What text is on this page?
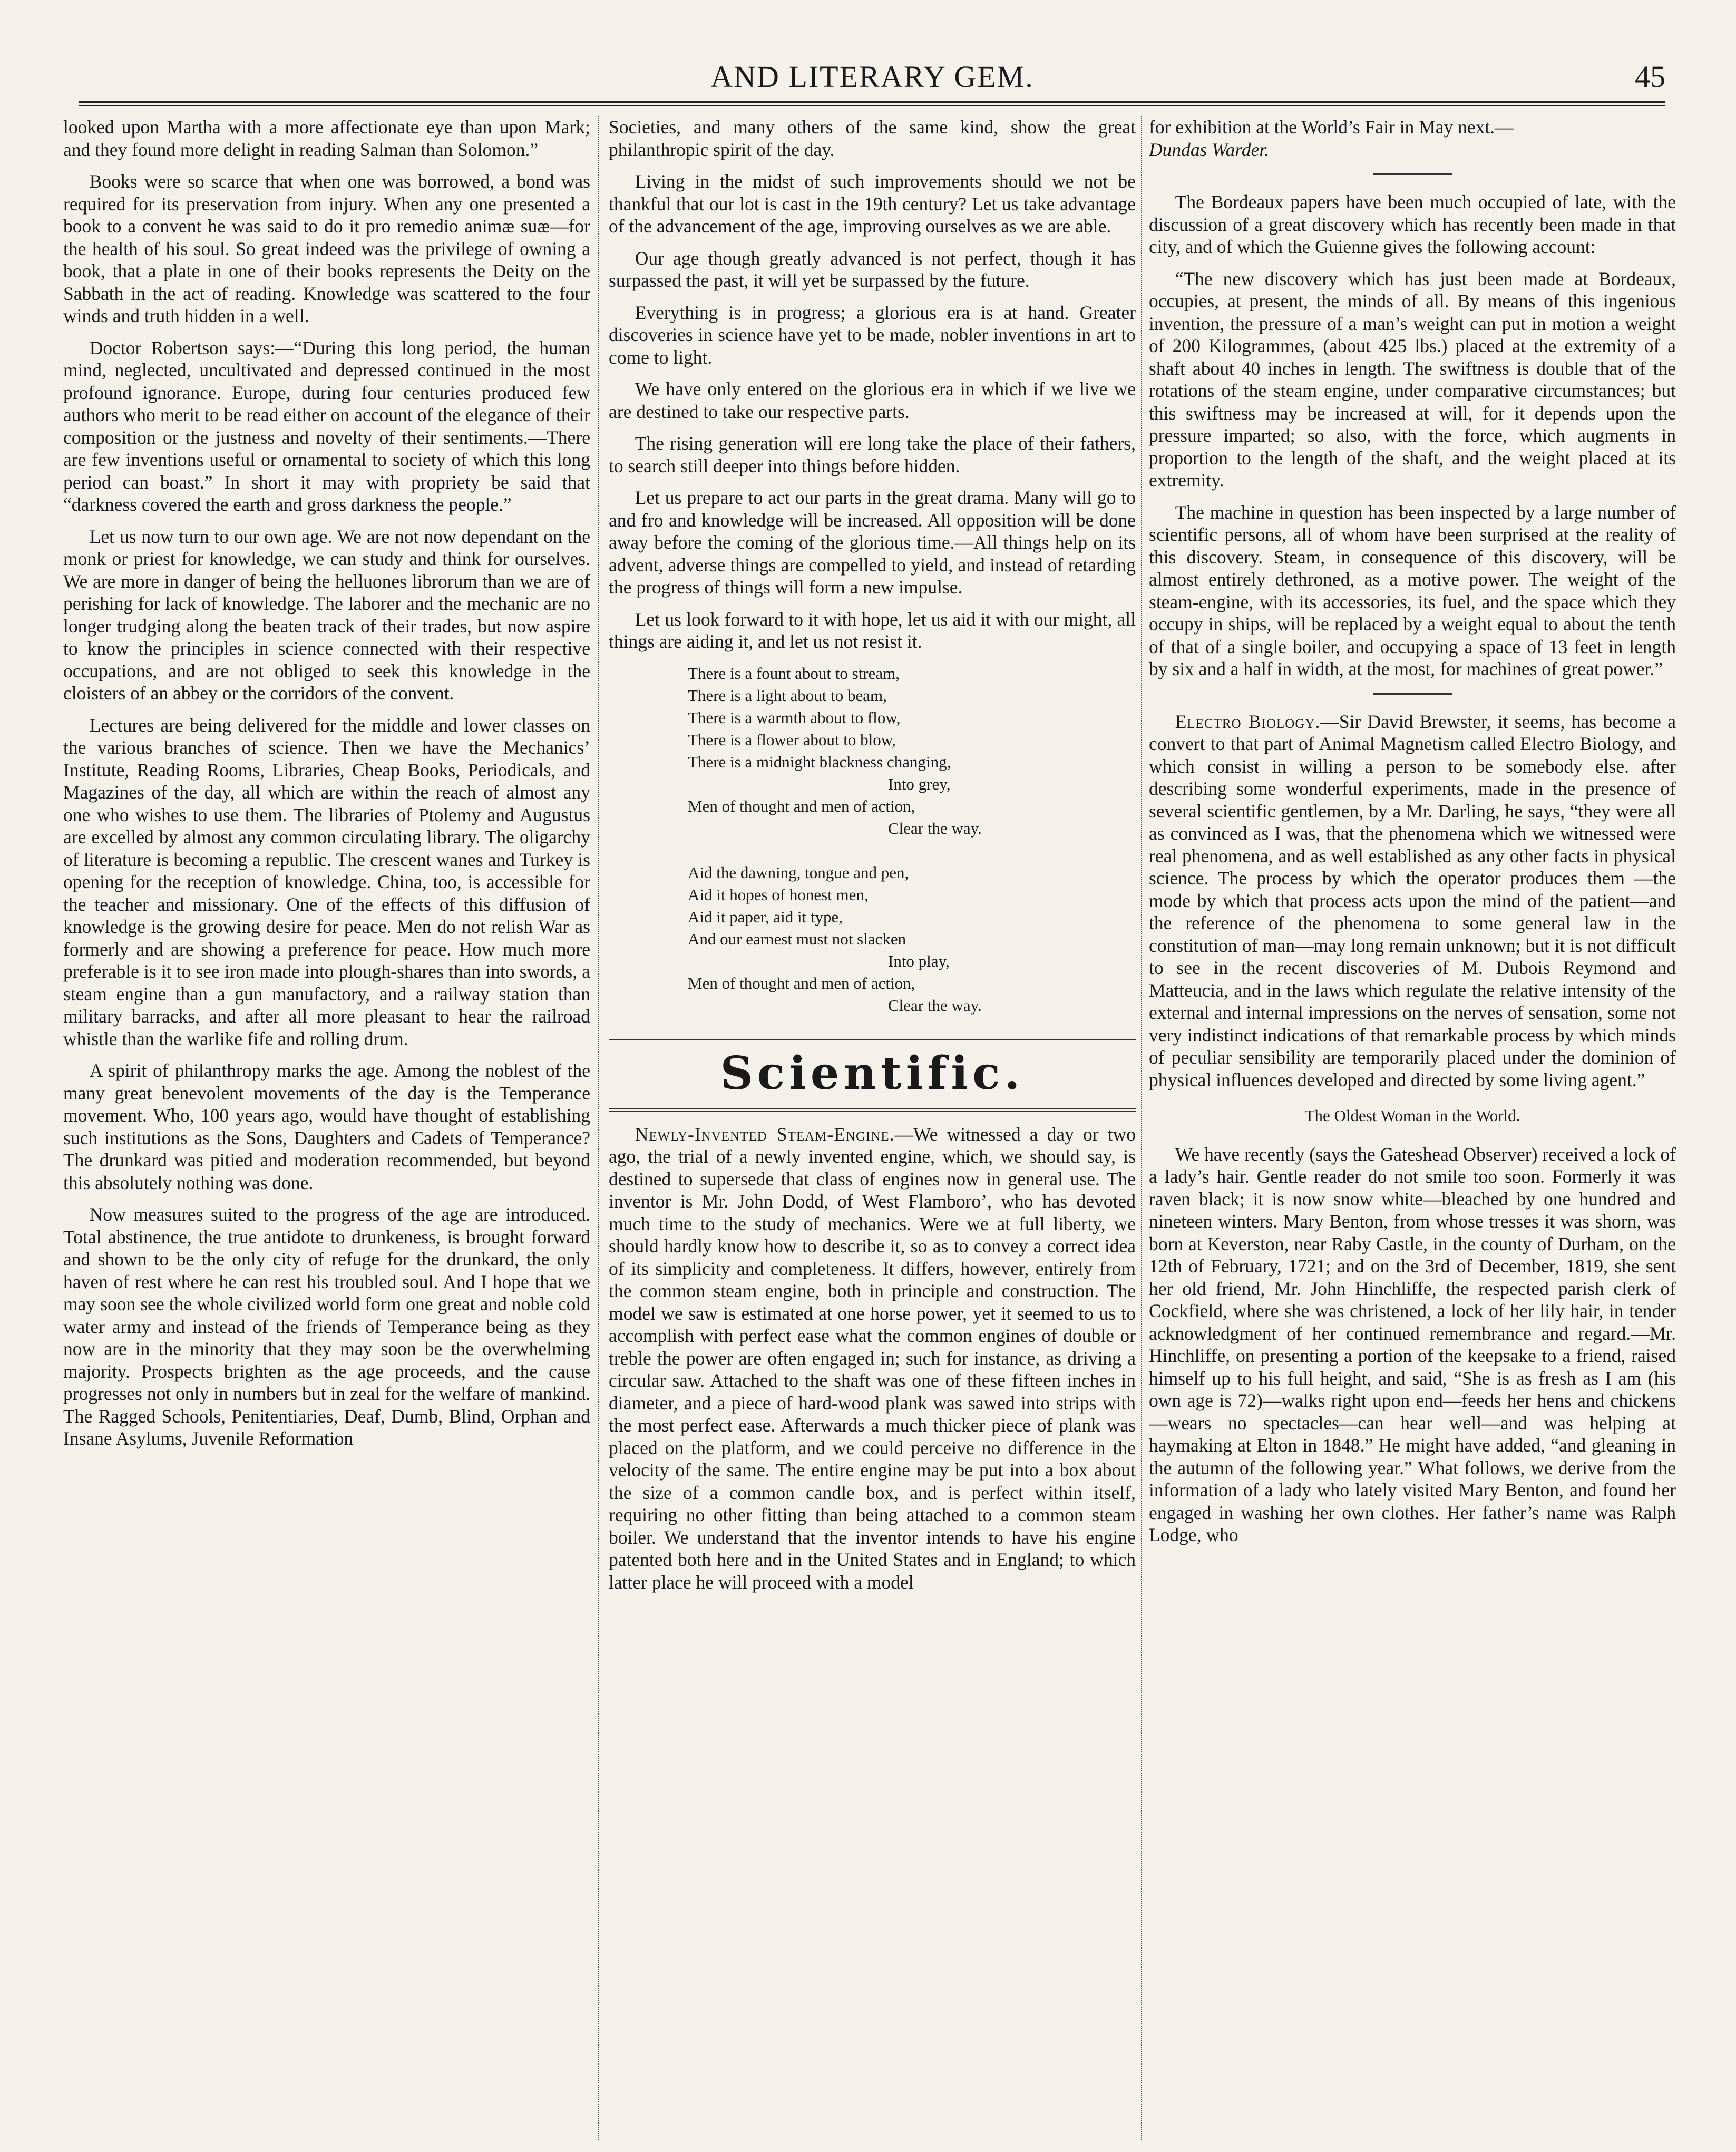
AND LITERARY GEM.	45

looked upon Martha with a more affectionate eye than upon Mark; and they found more delight in reading Salman than Solomon.”

Books were so scarce that when one was borrowed, a bond was required for its preservation from injury. When any one presented a book to a convent he was said to do it pro remedio animæ suæ—for the health of his soul. So great indeed was the privilege of owning a book, that a plate in one of their books represents the Deity on the Sabbath in the act of reading. Knowledge was scattered to the four winds and truth hidden in a well.

Doctor Robertson says:—“During this long period, the human mind, neglected, uncultivated and depressed continued in the most profound ignorance. Europe, during four centuries produced few authors who merit to be read either on account of the elegance of their composition or the justness and novelty of their sentiments.—There are few inventions useful or ornamental to society of which this long period can boast.” In short it may with propriety be said that “darkness covered the earth and gross darkness the people.”

Let us now turn to our own age. We are not now dependant on the monk or priest for knowledge, we can study and think for ourselves. We are more in danger of being the helluones librorum than we are of perishing for lack of knowledge. The laborer and the mechanic are no longer trudging along the beaten track of their trades, but now aspire to know the principles in science connected with their respective occupations, and are not obliged to seek this knowledge in the cloisters of an abbey or the corridors of the convent.

Lectures are being delivered for the middle and lower classes on the various branches of science. Then we have the Mechanics’ Institute, Reading Rooms, Libraries, Cheap Books, Periodicals, and Magazines of the day, all which are within the reach of almost any one who wishes to use them. The libraries of Ptolemy and Augustus are excelled by almost any common circulating library. The oligarchy of literature is becoming a republic. The crescent wanes and Turkey is opening for the reception of knowledge. China, too, is accessible for the teacher and missionary. One of the effects of this diffusion of knowledge is the growing desire for peace. Men do not relish War as formerly and are showing a preference for peace. How much more preferable is it to see iron made into plough-shares than into swords, a steam engine than a gun manufactory, and a railway station than military barracks, and after all more pleasant to hear the railroad whistle than the warlike fife and rolling drum.

A spirit of philanthropy marks the age. Among the noblest of the many great benevolent movements of the day is the Temperance movement. Who, 100 years ago, would have thought of establishing such institutions as the Sons, Daughters and Cadets of Temperance? The drunkard was pitied and moderation recommended, but beyond this absolutely nothing was done.

Now measures suited to the progress of the age are introduced. Total abstinence, the true antidote to drunkeness, is brought forward and shown to be the only city of refuge for the drunkard, the only haven of rest where he can rest his troubled soul. And I hope that we may soon see the whole civilized world form one great and noble cold water army and instead of the friends of Temperance being as they now are in the minority that they may soon be the overwhelming majority. Prospects brighten as the age proceeds, and the cause progresses not only in numbers but in zeal for the welfare of mankind. The Ragged Schools, Penitentiaries, Deaf, Dumb, Blind, Orphan and Insane Asylums, Juvenile Reformation

Societies, and many others of the same kind, show the great philanthropic spirit of the day.

Living in the midst of such improvements should we not be thankful that our lot is cast in the 19th century? Let us take advantage of the advancement of the age, improving ourselves as we are able.

Our age though greatly advanced is not perfect, though it has surpassed the past, it will yet be surpassed by the future.

Everything is in progress; a glorious era is at hand. Greater discoveries in science have yet to be made, nobler inventions in art to come to light.

We have only entered on the glorious era in which if we live we are destined to take our respective parts.

The rising generation will ere long take the place of their fathers, to search still deeper into things before hidden.

Let us prepare to act our parts in the great drama. Many will go to and fro and knowledge will be increased. All opposition will be done away before the coming of the glorious time.—All things help on its advent, adverse things are compelled to yield, and instead of retarding the progress of things will form a new impulse.

Let us look forward to it with hope, let us aid it with our might, all things are aiding it, and let us not resist it.

There is a fount about to stream,
There is a light about to beam,
There is a warmth about to flow,
There is a flower about to blow,
There is a midnight blackness changing,
Into grey,
Men of thought and men of action,
Clear the way.
Aid the dawning, tongue and pen,
Aid it hopes of honest men,
Aid it paper, aid it type,
And our earnest must not slacken
Into play,
Men of thought and men of action,
Clear the way.
Scientific.

Newly-Invented Steam-Engine.—We witnessed a day or two ago, the trial of a newly invented engine, which, we should say, is destined to supersede that class of engines now in general use. The inventor is Mr. John Dodd, of West Flamboro’, who has devoted much time to the study of mechanics. Were we at full liberty, we should hardly know how to describe it, so as to convey a correct idea of its simplicity and completeness. It differs, however, entirely from the common steam engine, both in principle and construction. The model we saw is estimated at one horse power, yet it seemed to us to accomplish with perfect ease what the common engines of double or treble the power are often engaged in; such for instance, as driving a circular saw. Attached to the shaft was one of these fifteen inches in diameter, and a piece of hard-wood plank was sawed into strips with the most perfect ease. Afterwards a much thicker piece of plank was placed on the platform, and we could perceive no difference in the velocity of the same. The entire engine may be put into a box about the size of a common candle box, and is perfect within itself, requiring no other fitting than being attached to a common steam boiler. We understand that the inventor intends to have his engine patented both here and in the United States and in England; to which latter place he will proceed with a model

for exhibition at the World’s Fair in May next.—
Dundas Warder.

The Bordeaux papers have been much occupied of late, with the discussion of a great discovery which has recently been made in that city, and of which the Guienne gives the following account:

“The new discovery which has just been made at Bordeaux, occupies, at present, the minds of all. By means of this ingenious invention, the pressure of a man’s weight can put in motion a weight of 200 Kilogrammes, (about 425 lbs.) placed at the extremity of a shaft about 40 inches in length. The swiftness is double that of the rotations of the steam engine, under comparative circumstances; but this swiftness may be increased at will, for it depends upon the pressure imparted; so also, with the force, which augments in proportion to the length of the shaft, and the weight placed at its extremity.

The machine in question has been inspected by a large number of scientific persons, all of whom have been surprised at the reality of this discovery. Steam, in consequence of this discovery, will be almost entirely dethroned, as a motive power. The weight of the steam-engine, with its accessories, its fuel, and the space which they occupy in ships, will be replaced by a weight equal to about the tenth of that of a single boiler, and occupying a space of 13 feet in length by six and a half in width, at the most, for machines of great power.”

Electro Biology.—Sir David Brewster, it seems, has become a convert to that part of Animal Magnetism called Electro Biology, and which consist in willing a person to be somebody else. after describing some wonderful experiments, made in the presence of several scientific gentlemen, by a Mr. Darling, he says, “they were all as convinced as I was, that the phenomena which we witnessed were real phenomena, and as well established as any other facts in physical science. The process by which the operator produces them —the mode by which that process acts upon the mind of the patient—and the reference of the phenomena to some general law in the constitution of man—may long remain unknown; but it is not difficult to see in the recent discoveries of M. Dubois Reymond and Matteucia, and in the laws which regulate the relative intensity of the external and internal impressions on the nerves of sensation, some not very indistinct indications of that remarkable process by which minds of peculiar sensibility are temporarily placed under the dominion of physical influences developed and directed by some living agent.”

The Oldest Woman in the World.

We have recently (says the Gateshead Observer) received a lock of a lady’s hair. Gentle reader do not smile too soon. Formerly it was raven black; it is now snow white—bleached by one hundred and nineteen winters. Mary Benton, from whose tresses it was shorn, was born at Keverston, near Raby Castle, in the county of Durham, on the 12th of February, 1721; and on the 3rd of December, 1819, she sent her old friend, Mr. John Hinchliffe, the respected parish clerk of Cockfield, where she was christened, a lock of her lily hair, in tender acknowledgment of her continued remembrance and regard.—Mr. Hinchliffe, on presenting a portion of the keepsake to a friend, raised himself up to his full height, and said, “She is as fresh as I am (his own age is 72)—walks right upon end—feeds her hens and chickens—wears no spectacles—can hear well—and was helping at haymaking at Elton in 1848.” He might have added, “and gleaning in the autumn of the following year.” What follows, we derive from the information of a lady who lately visited Mary Benton, and found her engaged in washing her own clothes. Her father’s name was Ralph Lodge, who
